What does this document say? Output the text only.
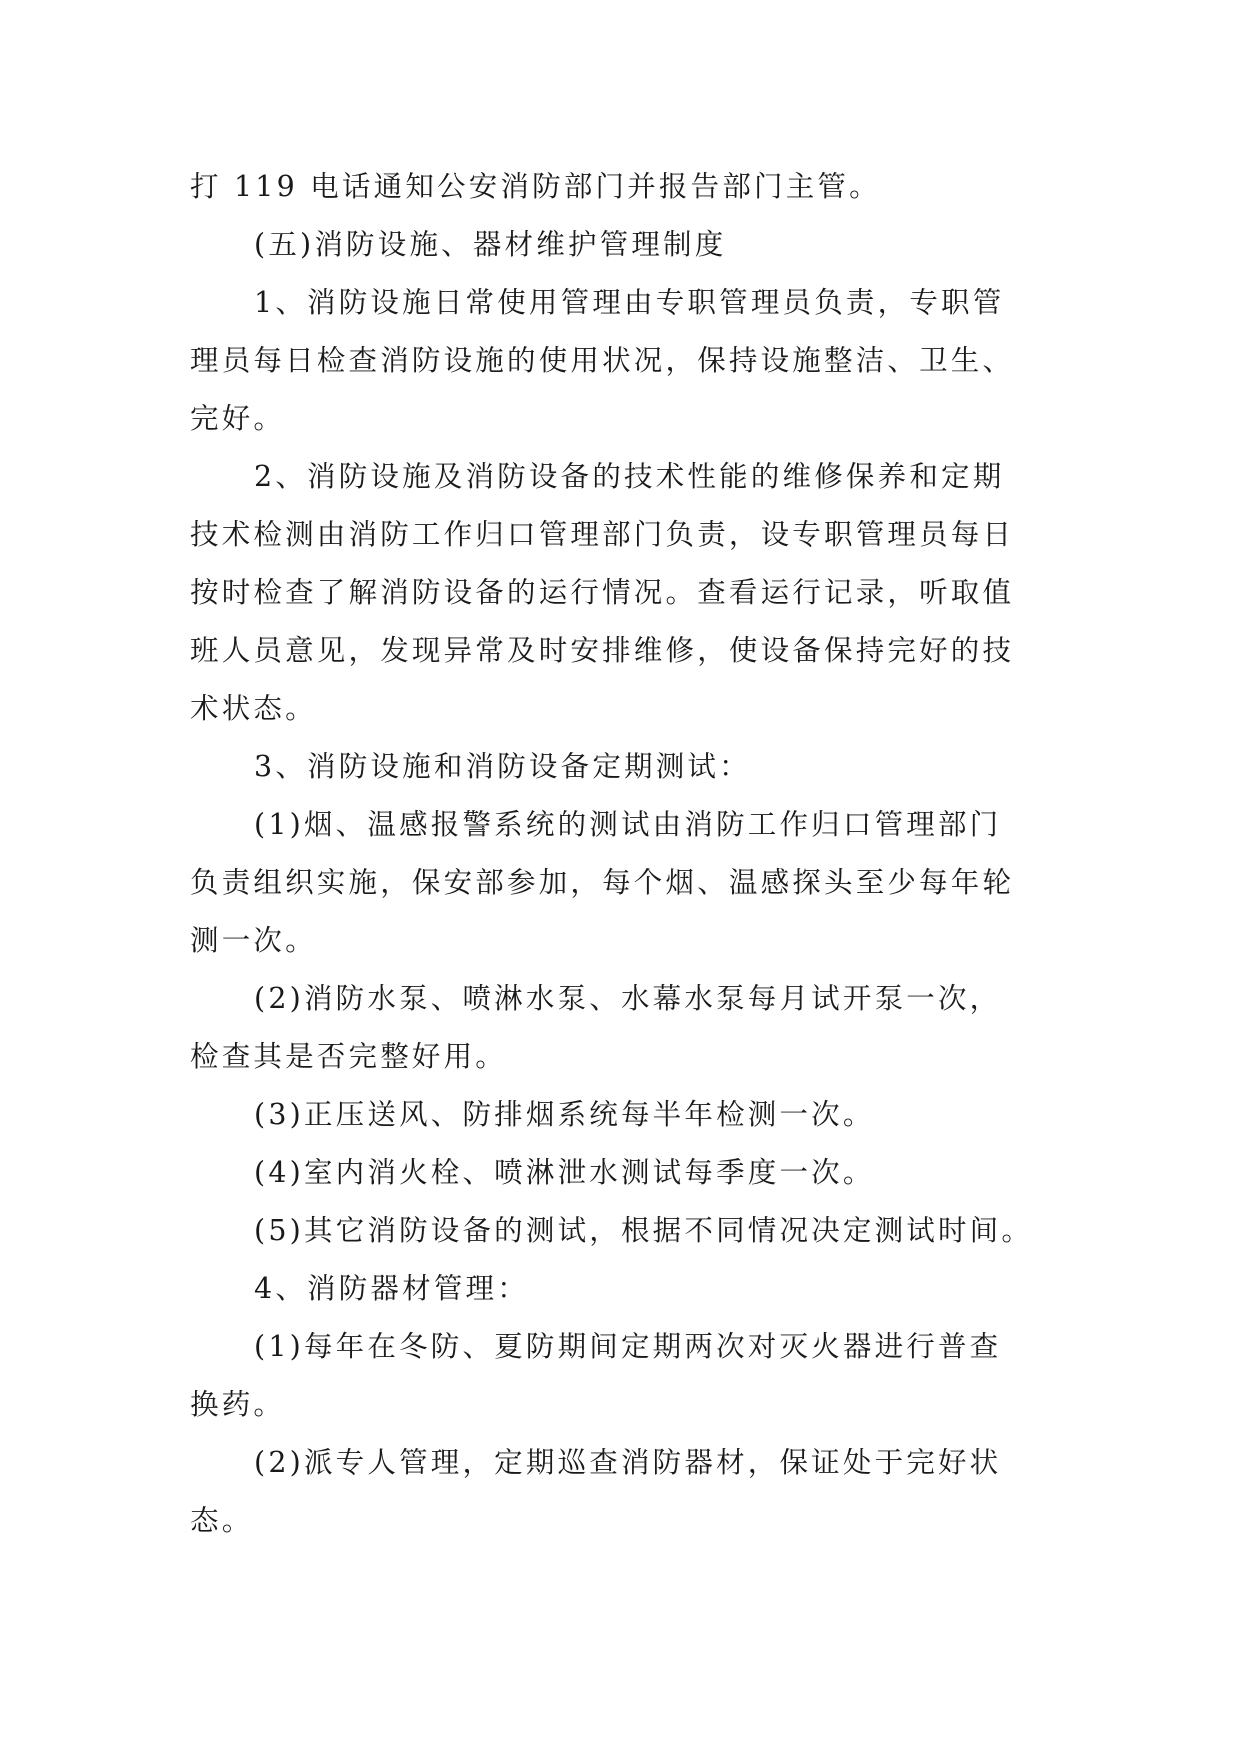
打 119 电话通知公安消防部门并报告部门主管。
(五)消防设施、器材维护管理制度
1、消防设施日常使用管理由专职管理员负责，专职管
理员每日检查消防设施的使用状况，保持设施整洁、卫生、
完好。
2、消防设施及消防设备的技术性能的维修保养和定期
技术检测由消防工作归口管理部门负责，设专职管理员每日
按时检查了解消防设备的运行情况。查看运行记录，听取值
班人员意见，发现异常及时安排维修，使设备保持完好的技
术状态。
3、消防设施和消防设备定期测试：
(1)烟、温感报警系统的测试由消防工作归口管理部门
负责组织实施，保安部参加，每个烟、温感探头至少每年轮
测一次。
(2)消防水泵、喷淋水泵、水幕水泵每月试开泵一次，
检查其是否完整好用。
(3)正压送风、防排烟系统每半年检测一次。
(4)室内消火栓、喷淋泄水测试每季度一次。
(5)其它消防设备的测试，根据不同情况决定测试时间。
4、消防器材管理：
(1)每年在冬防、夏防期间定期两次对灭火器进行普查
换药。
(2)派专人管理，定期巡查消防器材，保证处于完好状
态。
